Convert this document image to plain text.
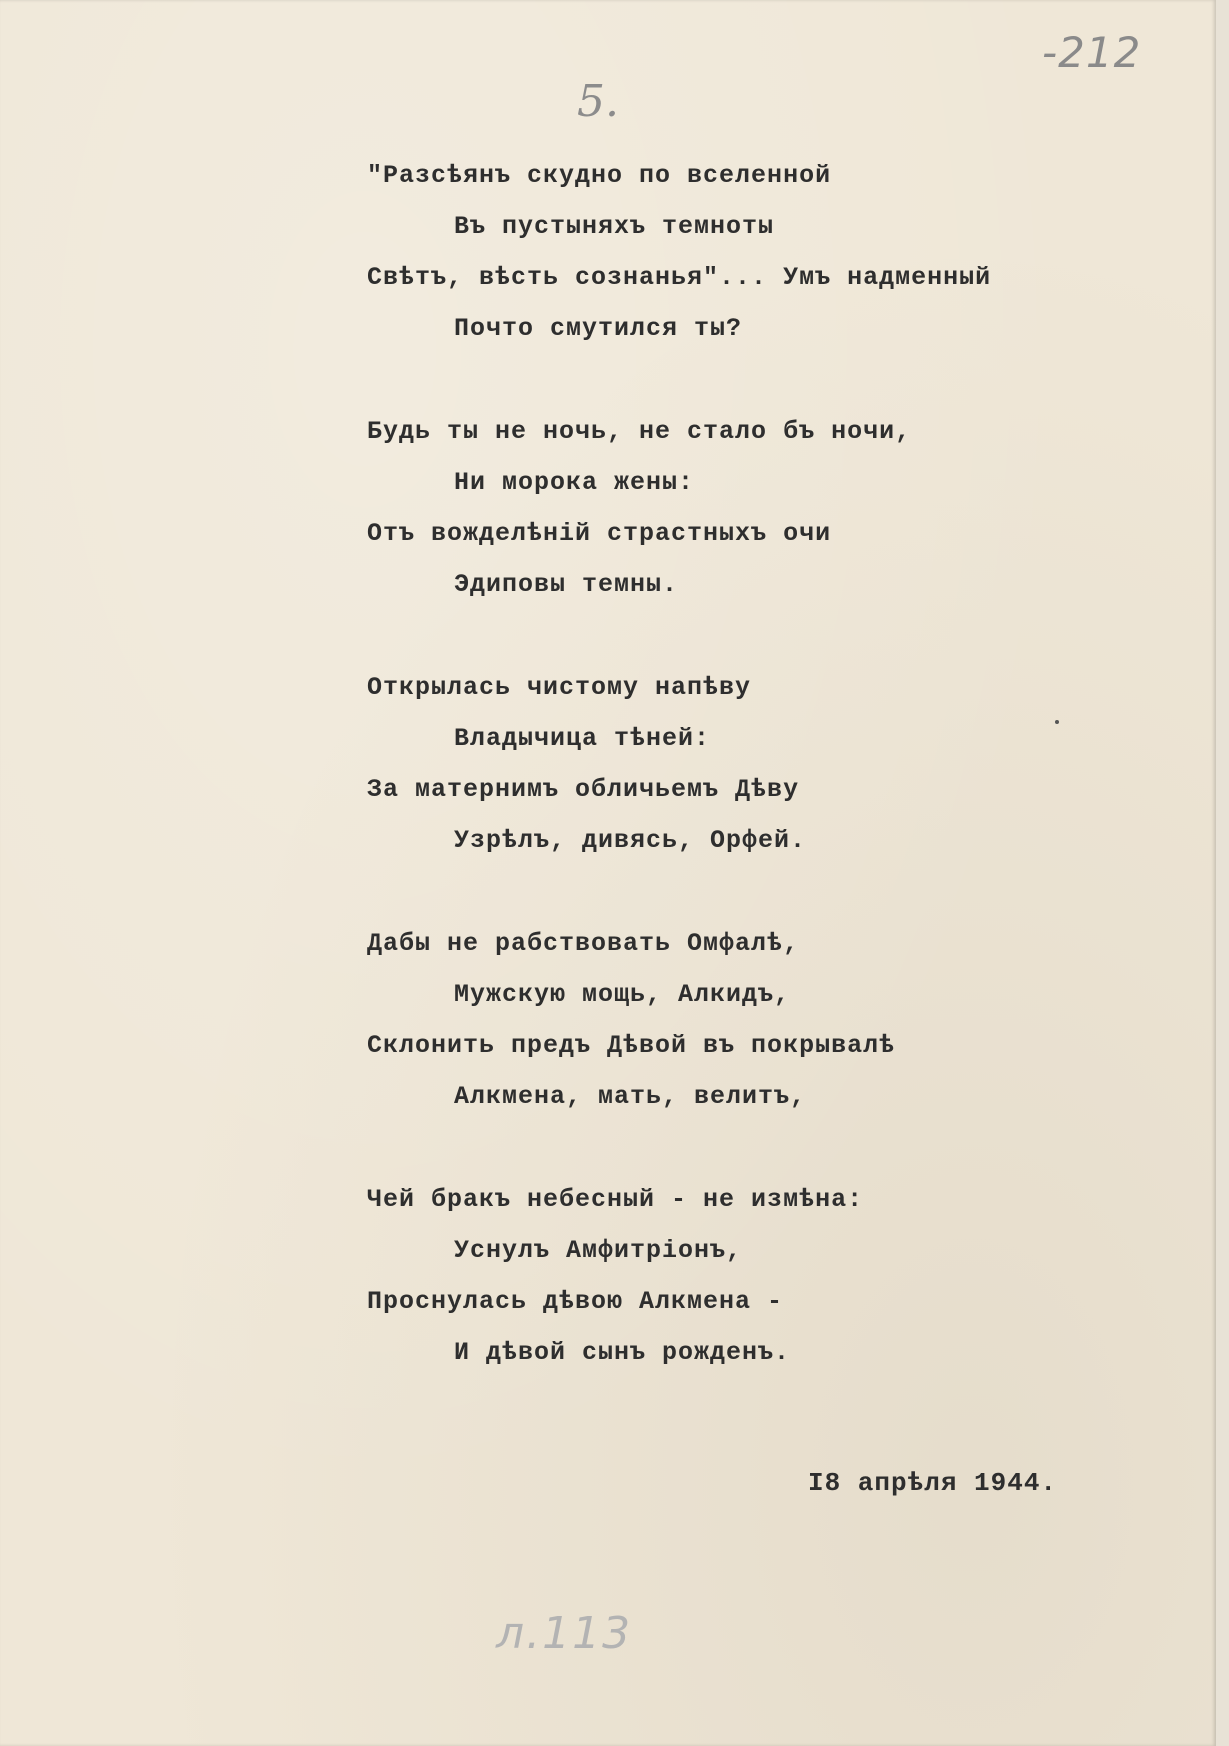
-212
5.
"Разсѣянъ скудно по вселенной
Въ пустыняхъ темноты
Свѣтъ, вѣсть сознанья"... Умъ надменный
Почто смутился ты?
Будь ты не ночь, не стало бъ ночи,
Ни морока жены:
Отъ вожделѣній страстныхъ очи
Эдиповы темны.
Открылась чистому напѣву
Владычица тѣней:
За матернимъ обличьемъ Дѣву
Узрѣлъ, дивясь, Орфей.
Дабы не рабствовать Омфалѣ,
Мужскую мощь, Алкидъ,
Склонить предъ Дѣвой въ покрывалѣ
Алкмена, мать, велитъ,
Чей бракъ небесный - не измѣна:
Уснулъ Амфитріонъ,
Проснулась дѣвою Алкмена -
И дѣвой сынъ рожденъ.
I8 апрѣля 1944.
л.113
